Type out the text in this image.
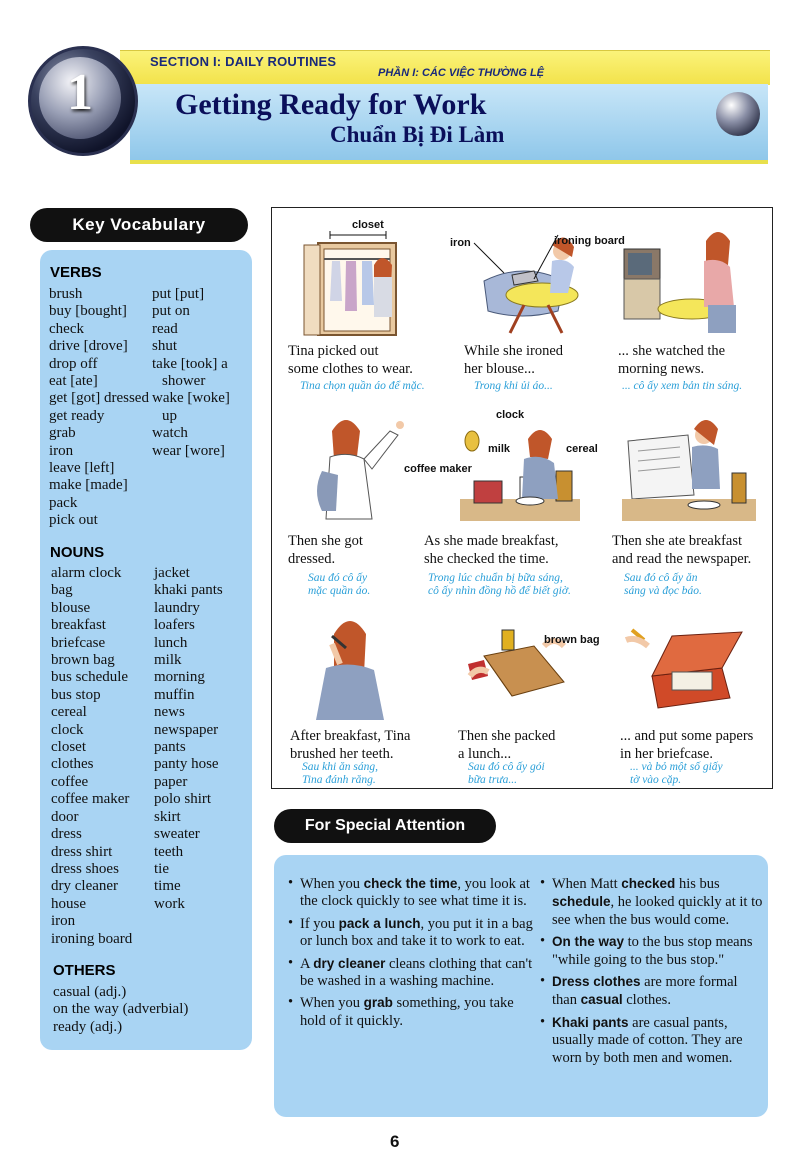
SECTION I: DAILY ROUTINES
PHẦN I: CÁC VIỆC THƯỜNG LỆ
Getting Ready for Work
Chuẩn Bị Đi Làm
1
Key Vocabulary
VERBS
brush
buy [bought]
check
drive [drove]
drop off
eat [ate]
get [got] dressed
get ready
grab
iron
leave [left]
make [made]
pack
pick out
put [put]
put on
read
shut
take [took] a
shower
wake [woke]
up
watch
wear [wore]
NOUNS
alarm clock
bag
blouse
breakfast
briefcase
brown bag
bus schedule
bus stop
cereal
clock
closet
clothes
coffee
coffee maker
door
dress
dress shirt
dress shoes
dry cleaner
house
iron
ironing board
jacket
khaki pants
laundry
loafers
lunch
milk
morning
muffin
news
newspaper
pants
panty hose
paper
polo shirt
skirt
sweater
teeth
tie
time
work
OTHERS
casual (adj.)
on the way (adverbial)
ready (adj.)
closet
Tina picked out
some clothes to wear.
Tina chọn quần áo để mặc.
iron	ironing board
While she ironed
her blouse...
Trong khi ủi áo...
... she watched the
morning news.
... cô ấy xem bản tin sáng.
Then she got
dressed.
Sau đó cô ấy
mặc quần áo.
clock
milk	cereal
coffee maker
As she made breakfast,
she checked the time.
Trong lúc chuẩn bị bữa sáng,
cô ấy nhìn đồng hồ để biết giờ.
Then she ate breakfast
and read the newspaper.
Sau đó cô ấy ăn
sáng và đọc báo.
After breakfast, Tina
brushed her teeth.
Sau khi ăn sáng,
Tina đánh răng.
brown bag
Then she packed
a lunch...
Sau đó cô ấy gói
bữa trưa...
... and put some papers
in her briefcase.
... và bỏ một số giấy
tờ vào cặp.
For Special Attention
• When you check the time, you look at the clock quickly to see what time it is.
• If you pack a lunch, you put it in a bag or lunch box and take it to work to eat.
• A dry cleaner cleans clothing that can't be washed in a washing machine.
• When you grab something, you take hold of it quickly.
• When Matt checked his bus schedule, he looked quickly at it to see when the bus would come.
• On the way to the bus stop means "while going to the bus stop."
• Dress clothes are more formal than casual clothes.
• Khaki pants are casual pants, usually made of cotton. They are worn by both men and women.
6
